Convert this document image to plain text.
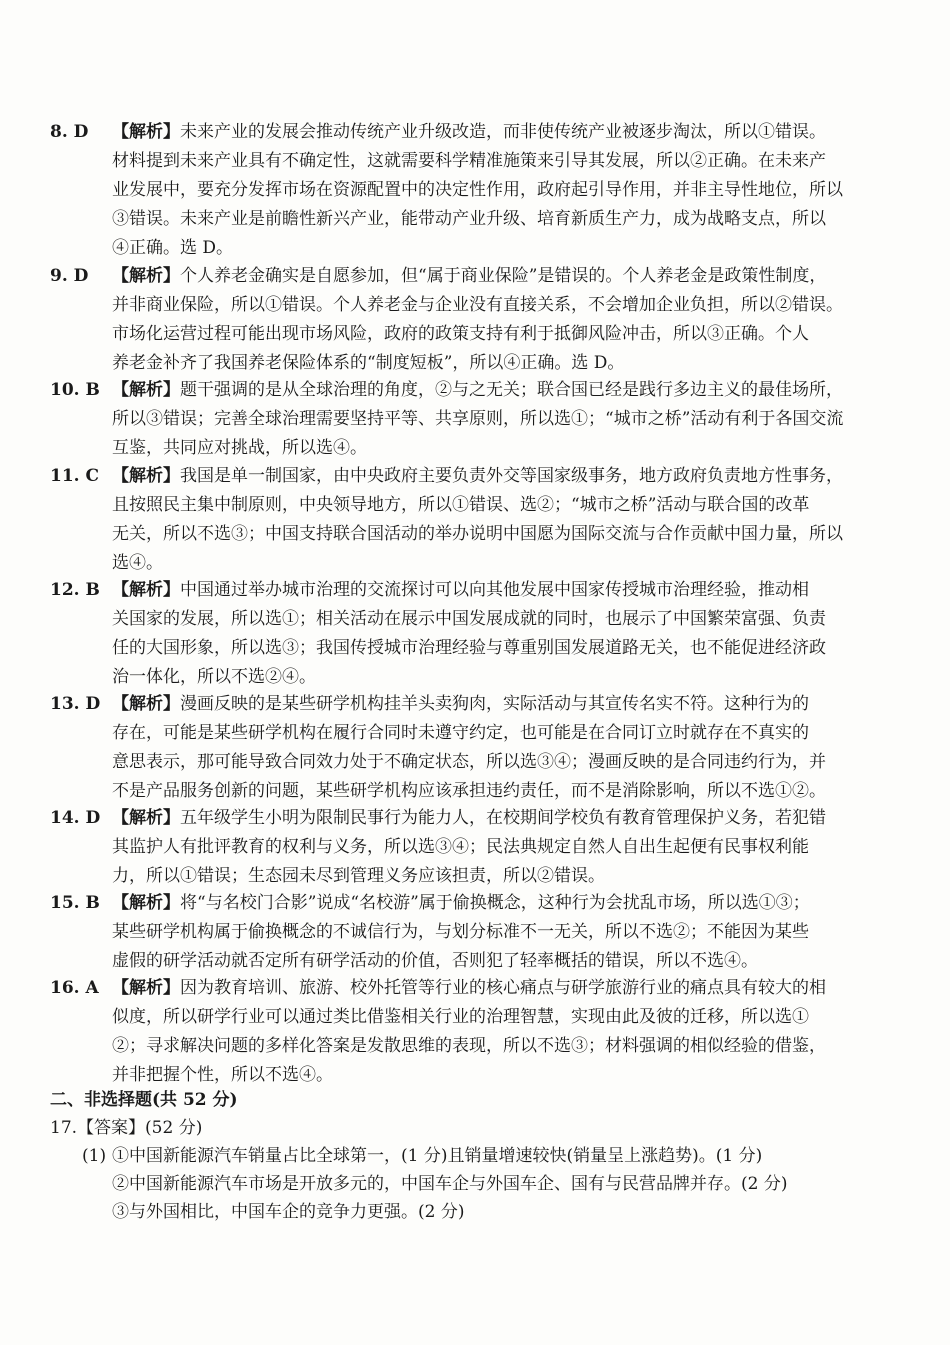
8. D 【解析】未来产业的发展会推动传统产业升级改造，而非使传统产业被逐步淘汰，所以①错误。
材料提到未来产业具有不确定性，这就需要科学精准施策来引导其发展，所以②正确。在未来产
业发展中，要充分发挥市场在资源配置中的决定性作用，政府起引导作用，并非主导性地位，所以
③错误。未来产业是前瞻性新兴产业，能带动产业升级、培育新质生产力，成为战略支点，所以
④正确。选 D。
9. D 【解析】个人养老金确实是自愿参加，但“属于商业保险”是错误的。个人养老金是政策性制度，
并非商业保险，所以①错误。个人养老金与企业没有直接关系，不会增加企业负担，所以②错误。
市场化运营过程可能出现市场风险，政府的政策支持有利于抵御风险冲击，所以③正确。个人
养老金补齐了我国养老保险体系的“制度短板”，所以④正确。选 D。
10. B 【解析】题干强调的是从全球治理的角度，②与之无关；联合国已经是践行多边主义的最佳场所，
所以③错误；完善全球治理需要坚持平等、共享原则，所以选①；“城市之桥”活动有利于各国交流
互鉴，共同应对挑战，所以选④。
11. C 【解析】我国是单一制国家，由中央政府主要负责外交等国家级事务，地方政府负责地方性事务，
且按照民主集中制原则，中央领导地方，所以①错误、选②；“城市之桥”活动与联合国的改革
无关，所以不选③；中国支持联合国活动的举办说明中国愿为国际交流与合作贡献中国力量，所以
选④。
12. B 【解析】中国通过举办城市治理的交流探讨可以向其他发展中国家传授城市治理经验，推动相
关国家的发展，所以选①；相关活动在展示中国发展成就的同时，也展示了中国繁荣富强、负责
任的大国形象，所以选③；我国传授城市治理经验与尊重别国发展道路无关，也不能促进经济政
治一体化，所以不选②④。
13. D 【解析】漫画反映的是某些研学机构挂羊头卖狗肉，实际活动与其宣传名实不符。这种行为的
存在，可能是某些研学机构在履行合同时未遵守约定，也可能是在合同订立时就存在不真实的
意思表示，那可能导致合同效力处于不确定状态，所以选③④；漫画反映的是合同违约行为，并
不是产品服务创新的问题，某些研学机构应该承担违约责任，而不是消除影响，所以不选①②。
14. D 【解析】五年级学生小明为限制民事行为能力人，在校期间学校负有教育管理保护义务，若犯错
其监护人有批评教育的权利与义务，所以选③④；民法典规定自然人自出生起便有民事权利能
力，所以①错误；生态园未尽到管理义务应该担责，所以②错误。
15. B 【解析】将“与名校门合影”说成“名校游”属于偷换概念，这种行为会扰乱市场，所以选①③；
某些研学机构属于偷换概念的不诚信行为，与划分标准不一无关，所以不选②；不能因为某些
虚假的研学活动就否定所有研学活动的价值，否则犯了轻率概括的错误，所以不选④。
16. A 【解析】因为教育培训、旅游、校外托管等行业的核心痛点与研学旅游行业的痛点具有较大的相
似度，所以研学行业可以通过类比借鉴相关行业的治理智慧，实现由此及彼的迁移，所以选①
②；寻求解决问题的多样化答案是发散思维的表现，所以不选③；材料强调的相似经验的借鉴，
并非把握个性，所以不选④。
二、非选择题(共 52 分)
17.【答案】(52 分)
(1) ①中国新能源汽车销量占比全球第一，(1 分)且销量增速较快(销量呈上涨趋势)。(1 分)
②中国新能源汽车市场是开放多元的，中国车企与外国车企、国有与民营品牌并存。(2 分)
③与外国相比，中国车企的竞争力更强。(2 分)
